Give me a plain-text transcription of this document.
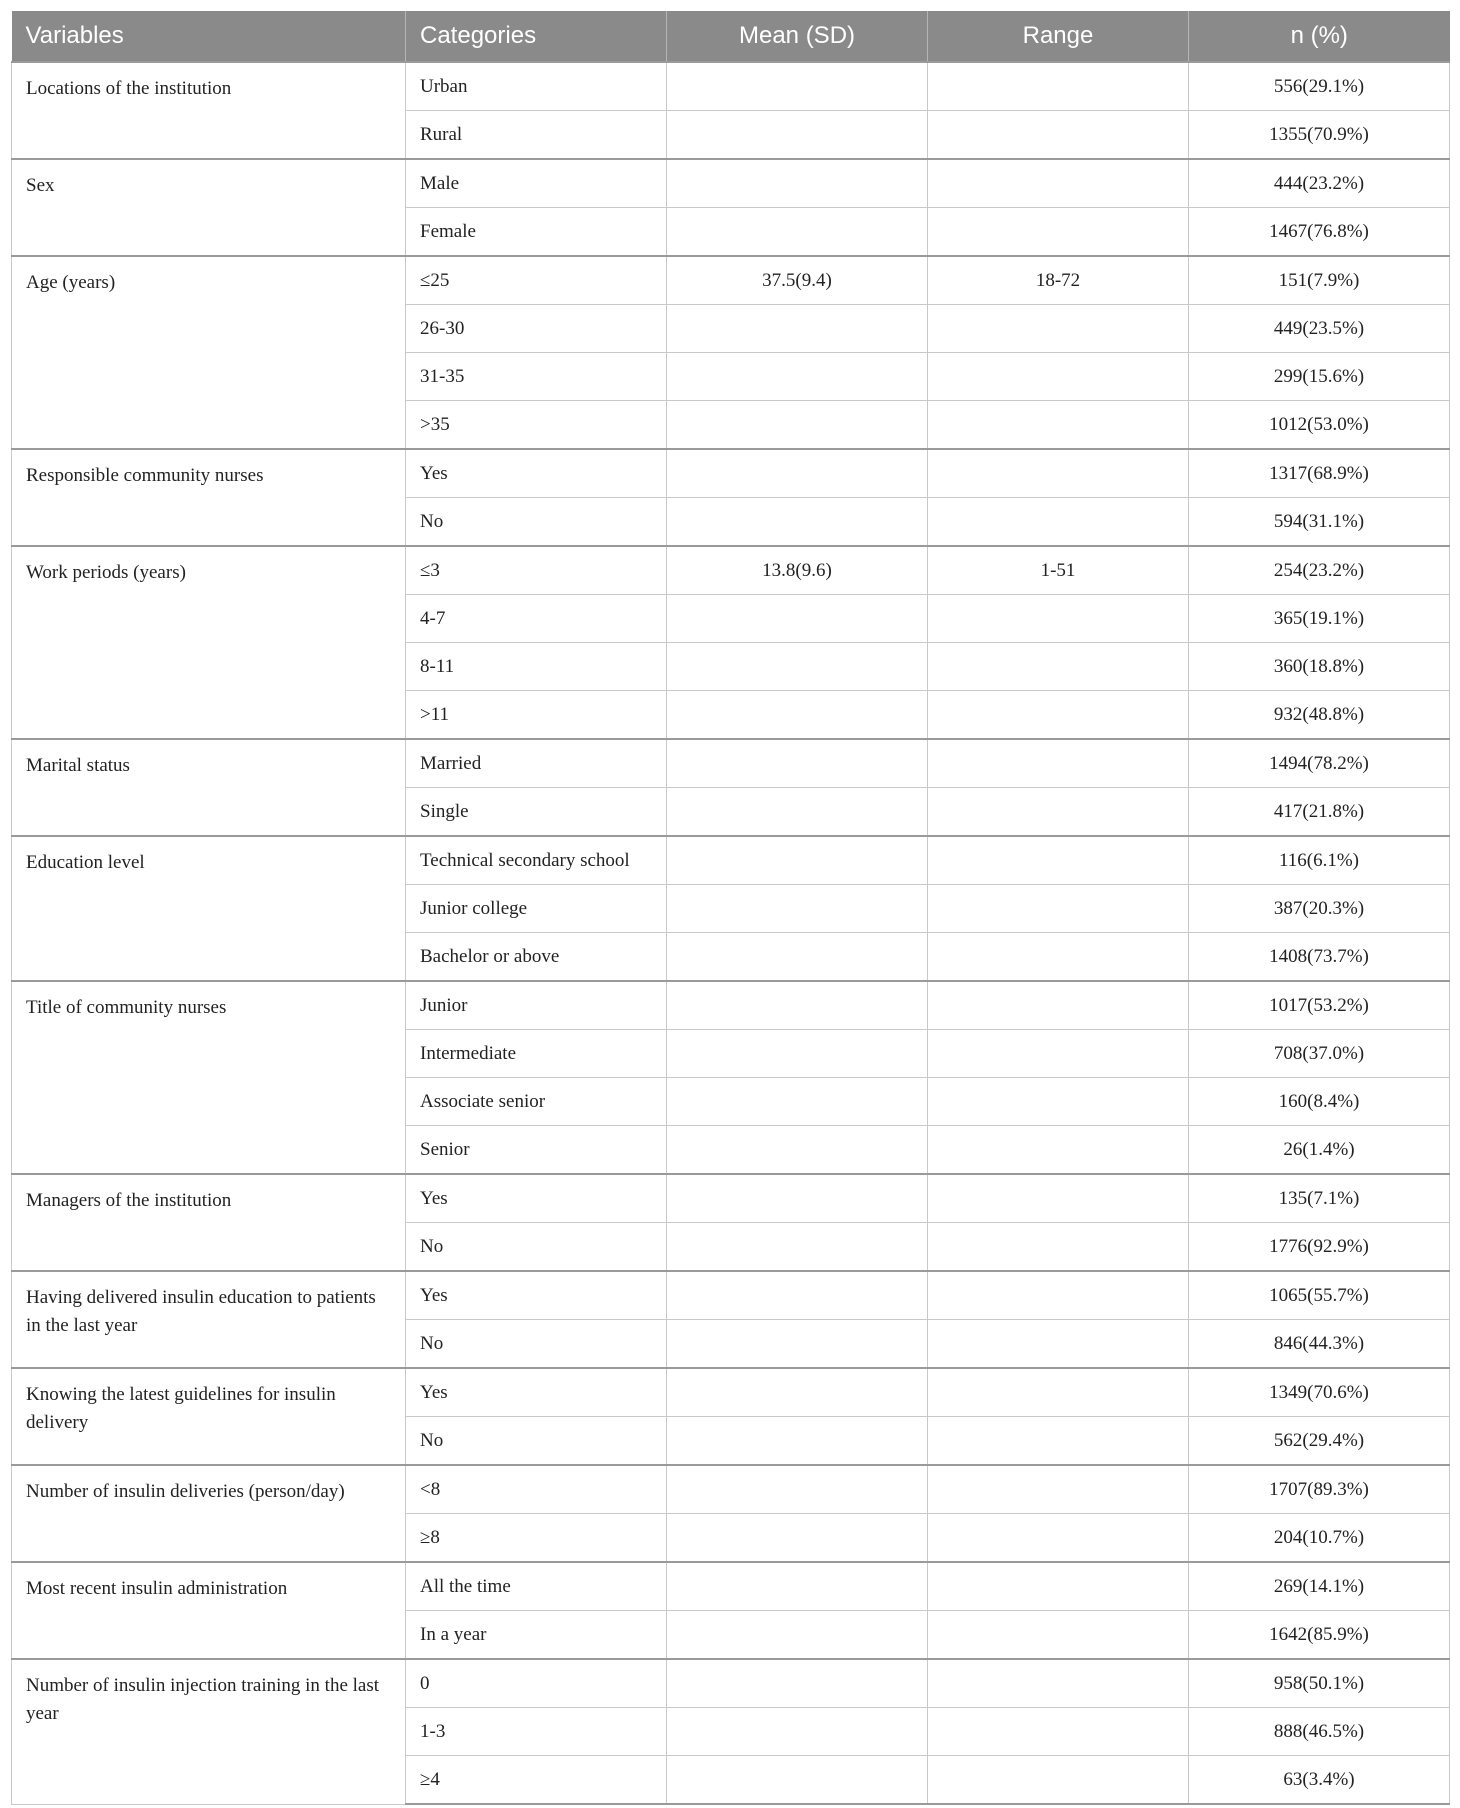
Variables	Categories	Mean (SD)	Range	n (%)
Locations of the institution	Urban			556(29.1%)
	Rural			1355(70.9%)
Sex	Male			444(23.2%)
	Female			1467(76.8%)
Age (years)	≤25	37.5(9.4)	18-72	151(7.9%)
	26-30			449(23.5%)
	31-35			299(15.6%)
	>35			1012(53.0%)
Responsible community nurses	Yes			1317(68.9%)
	No			594(31.1%)
Work periods (years)	≤3	13.8(9.6)	1-51	254(23.2%)
	4-7			365(19.1%)
	8-11			360(18.8%)
	>11			932(48.8%)
Marital status	Married			1494(78.2%)
	Single			417(21.8%)
Education level	Technical secondary school			116(6.1%)
	Junior college			387(20.3%)
	Bachelor or above			1408(73.7%)
Title of community nurses	Junior			1017(53.2%)
	Intermediate			708(37.0%)
	Associate senior			160(8.4%)
	Senior			26(1.4%)
Managers of the institution	Yes			135(7.1%)
	No			1776(92.9%)
Having delivered insulin education to patients in the last year	Yes			1065(55.7%)
	No			846(44.3%)
Knowing the latest guidelines for insulin delivery	Yes			1349(70.6%)
	No			562(29.4%)
Number of insulin deliveries (person/day)	<8			1707(89.3%)
	≥8			204(10.7%)
Most recent insulin administration	All the time			269(14.1%)
	In a year			1642(85.9%)
Number of insulin injection training in the last year	0			958(50.1%)
	1-3			888(46.5%)
	≥4			63(3.4%)
